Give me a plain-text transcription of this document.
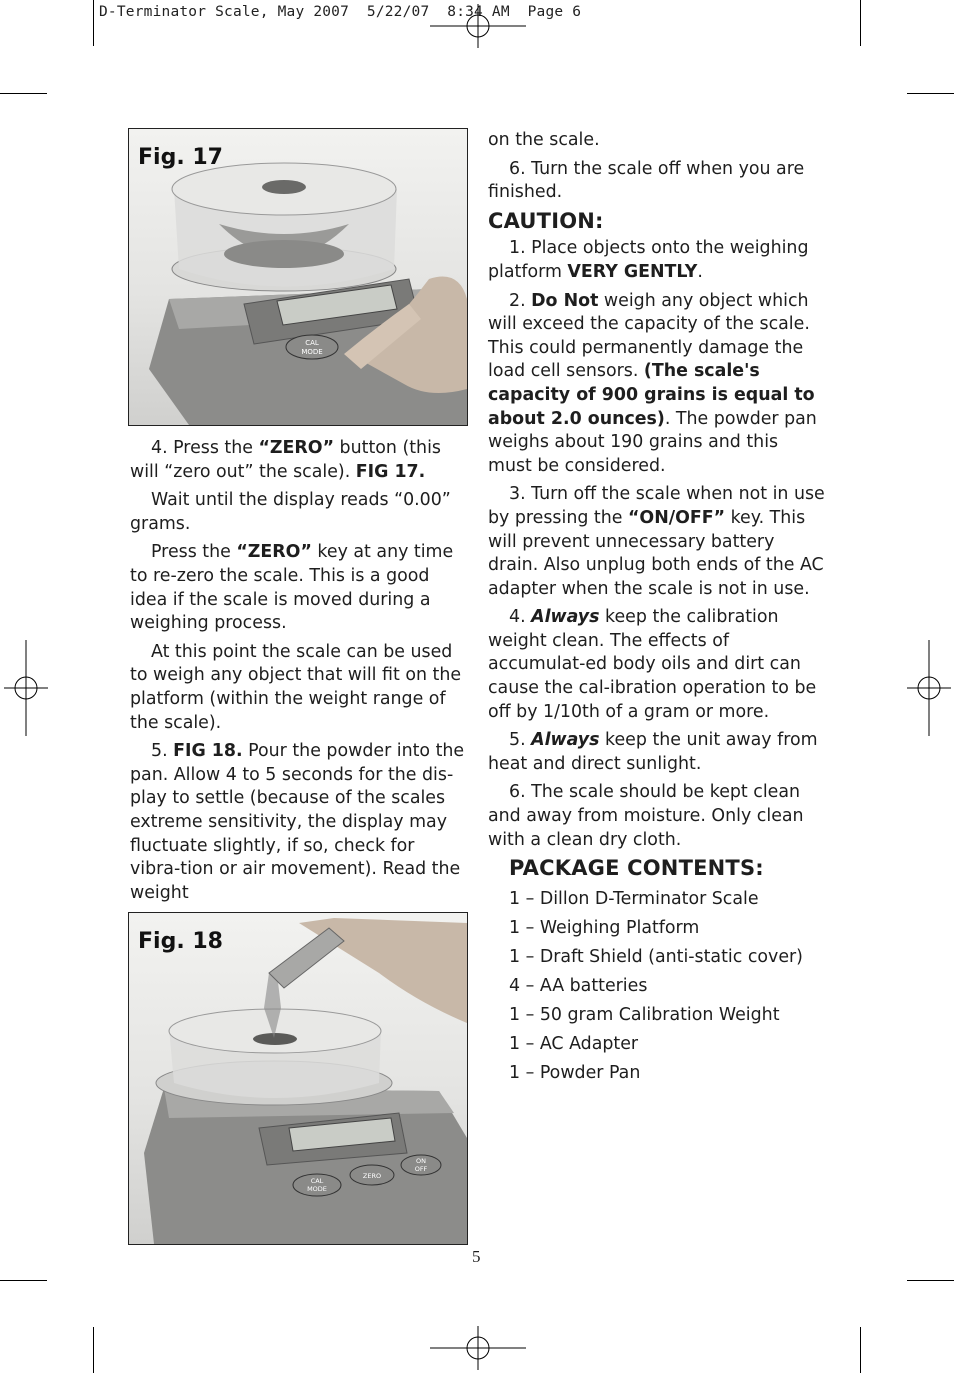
D-Terminator Scale, May 2007  5/22/07  8:34 AM  Page 6
CAL
MODE
Fig. 17
CAL
MODE
ZERO
ON
OFF
Fig. 18

4. Press the “ZERO” button (this will “zero out” the scale). FIG 17.

Wait until the display reads “0.00” grams.

Press the “ZERO” key at any time to re-zero the scale. This is a good idea if the scale is moved during a weighing process.

At this point the scale can be used to weigh any object that will fit on the platform (within the weight range of the scale).

5. FIG 18. Pour the powder into the pan. Allow 4 to 5 seconds for the dis-play to settle (because of the scales extreme sensitivity, the display may fluctuate slightly, if so, check for vibra-tion or air movement). Read the weight

on the scale.

6. Turn the scale off when you are finished.

CAUTION:

1. Place objects onto the weighing platform VERY GENTLY.

2. Do Not weigh any object which will exceed the capacity of the scale. This could permanently damage the load cell sensors. (The scale's capacity of 900 grains is equal to about 2.0 ounces). The powder pan weighs about 190 grains and this must be considered.

3. Turn off the scale when not in use by pressing the “ON/OFF” key. This will prevent unnecessary battery drain. Also unplug both ends of the AC adapter when the scale is not in use.

4. Always keep the calibration weight clean. The effects of accumulat-ed body oils and dirt can cause the cal-ibration operation to be off by 1/10th of a gram or more.

5. Always keep the unit away from heat and direct sunlight.

6. The scale should be kept clean and away from moisture. Only clean with a clean dry cloth.

PACKAGE CONTENTS:
1 – Dillon D-Terminator Scale
1 – Weighing Platform
1 – Draft Shield (anti-static cover)
4 – AA batteries
1 – 50 gram Calibration Weight
1 – AC Adapter
1 – Powder Pan
5
